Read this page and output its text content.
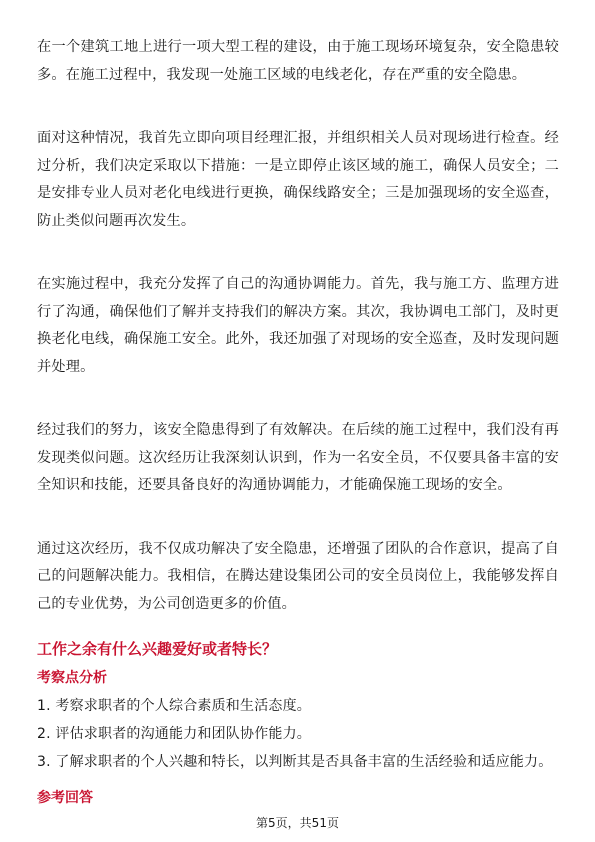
在一个建筑工地上进行一项大型工程的建设，由于施工现场环境复杂，安全隐患较多。在施工过程中，我发现一处施工区域的电线老化，存在严重的安全隐患。

面对这种情况，我首先立即向项目经理汇报，并组织相关人员对现场进行检查。经过分析，我们决定采取以下措施：一是立即停止该区域的施工，确保人员安全；二是安排专业人员对老化电线进行更换，确保线路安全；三是加强现场的安全巡查，防止类似问题再次发生。

在实施过程中，我充分发挥了自己的沟通协调能力。首先，我与施工方、监理方进行了沟通，确保他们了解并支持我们的解决方案。其次，我协调电工部门，及时更换老化电线，确保施工安全。此外，我还加强了对现场的安全巡查，及时发现问题并处理。

经过我们的努力，该安全隐患得到了有效解决。在后续的施工过程中，我们没有再发现类似问题。这次经历让我深刻认识到，作为一名安全员，不仅要具备丰富的安全知识和技能，还要具备良好的沟通协调能力，才能确保施工现场的安全。

通过这次经历，我不仅成功解决了安全隐患，还增强了团队的合作意识，提高了自己的问题解决能力。我相信，在腾达建设集团公司的安全员岗位上，我能够发挥自己的专业优势，为公司创造更多的价值。

工作之余有什么兴趣爱好或者特长？
考察点分析
1. 考察求职者的个人综合素质和生活态度。
2. 评估求职者的沟通能力和团队协作能力。
3. 了解求职者的个人兴趣和特长，以判断其是否具备丰富的生活经验和适应能力。
参考回答
第5页，共51页
